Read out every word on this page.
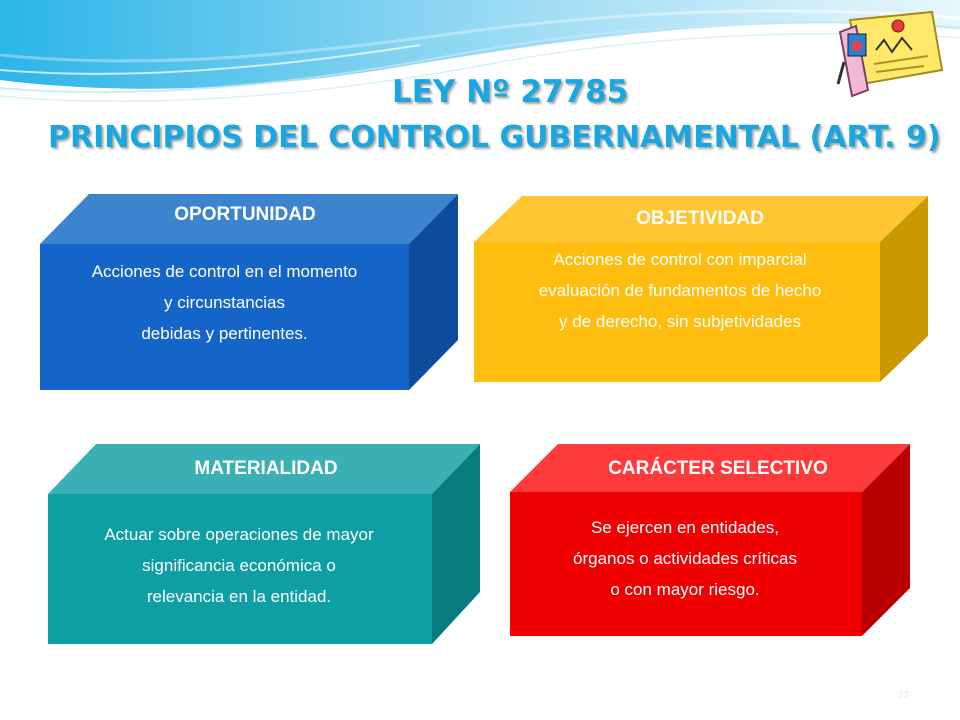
LEY Nº 27785
PRINCIPIOS DEL CONTROL GUBERNAMENTAL (ART. 9)
OPORTUNIDAD
Acciones de control en el momento
y circunstancias
debidas y pertinentes.
OBJETIVIDAD
Acciones de control con imparcial
evaluación de fundamentos de hecho
y de derecho, sin subjetividades
MATERIALIDAD
Actuar sobre operaciones de mayor
significancia económica o
relevancia en la entidad.
CARÁCTER SELECTIVO
Se ejercen en entidades,
órganos o actividades críticas
o con mayor riesgo.
22
